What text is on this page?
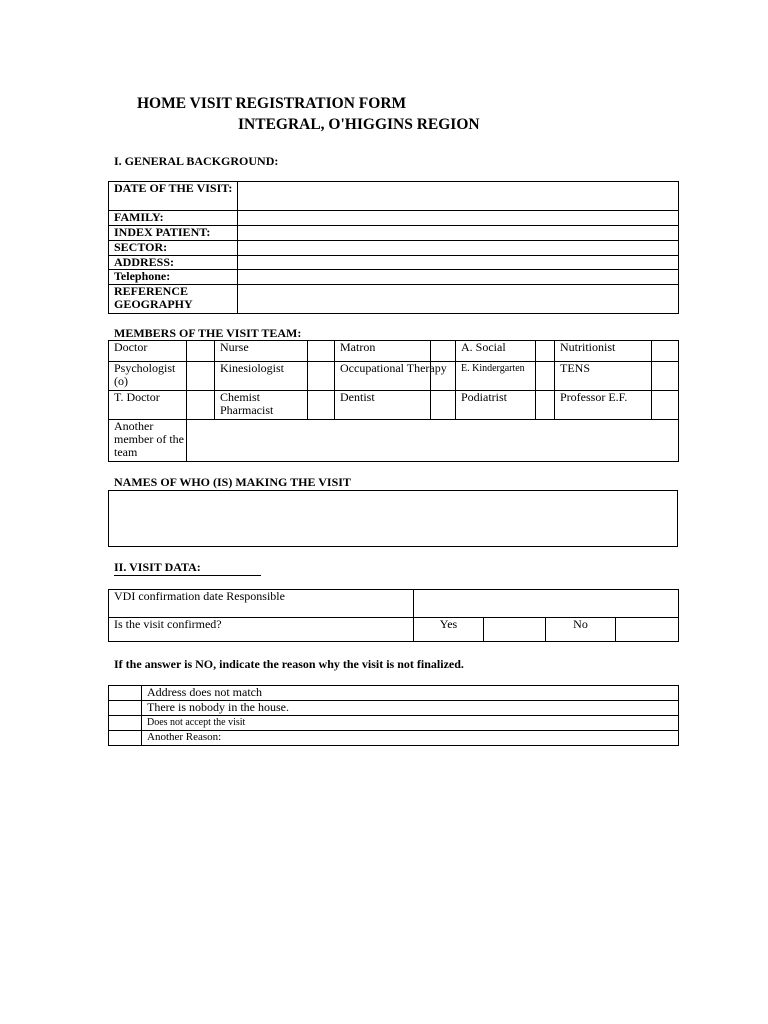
HOME VISIT REGISTRATION FORM
INTEGRAL, O'HIGGINS REGION
I. GENERAL BACKGROUND:
DATE OF THE VISIT:	
FAMILY:	
INDEX PATIENT:	
SECTOR:	
ADDRESS:	
Telephone:	
REFERENCE GEOGRAPHY	
MEMBERS OF THE VISIT TEAM:
Doctor		Nurse		Matron		A. Social		Nutritionist	
Psychologist (o)		Kinesiologist		Occupational Therapy		E. Kindergarten		TENS	
T. Doctor		Chemist Pharmacist		Dentist		Podiatrist		Professor E.F.	
Another member of the team									
NAMES OF WHO (IS) MAKING THE VISIT
II. VISIT DATA:
VDI confirmation date Responsible				
Is the visit confirmed?	Yes		No	
If the answer is NO, indicate the reason why the visit is not finalized.
	Address does not match
	There is nobody in the house.
	Does not accept the visit
	Another Reason:
